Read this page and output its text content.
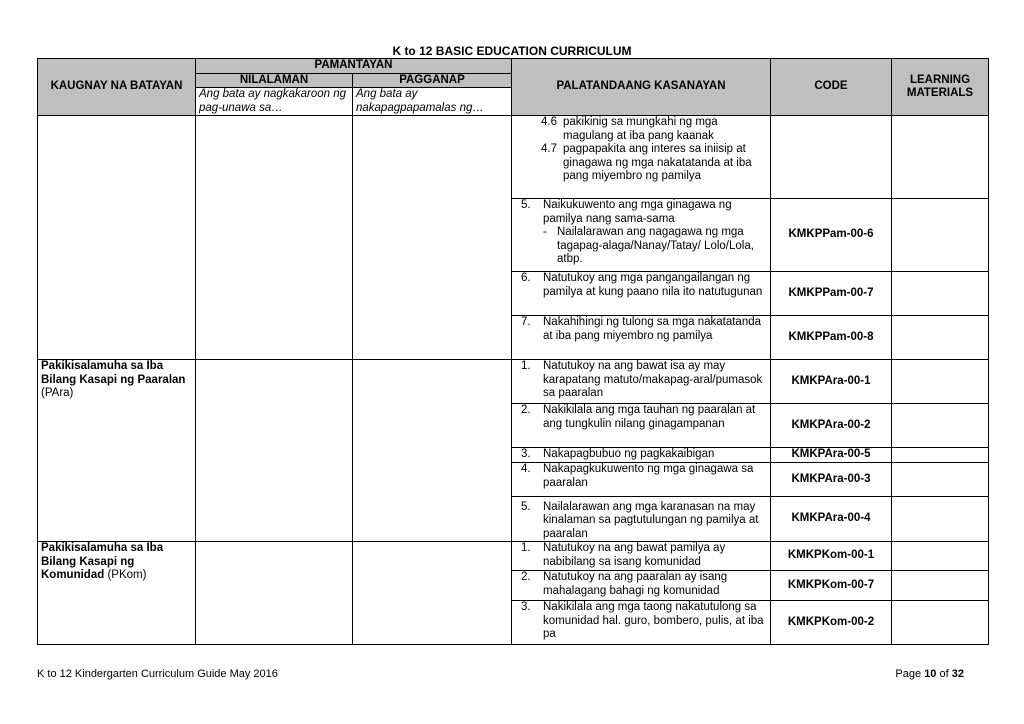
K to 12 BASIC EDUCATION CURRICULUM
KAUGNAY NA BATAYAN	PAMANTAYAN		PALATANDAANG KASANAYAN	CODE	LEARNING MATERIALS
	NILALAMAN	PAGGANAP			
	Ang bata ay nagkakaroon ng pag-unawa sa…	Ang bata ay nakapagpapamalas ng…			

			4.6 pakikinig sa mungkahi ng mga magulang at iba pang kaanak
4.7 pagpapakita ang interes sa iniisip at ginagawa ng mga nakatatanda at iba pang miyembro ng pamilya		

			5. Naikukuwento ang mga ginagawa ng pamilya nang sama-sama
- Nailalarawan ang nagagawa ng mga tagapag-alaga/Nanay/Tatay/ Lolo/Lola, atbp.	KMKPPam-00-6	

			6. Natutukoy ang mga pangangailangan ng pamilya at kung paano nila ito natutugunan	KMKPPam-00-7	

			7. Nakahihingi ng tulong sa mga nakatatanda at iba pang miyembro ng pamilya	KMKPPam-00-8	
Pakikisalamuha sa Iba Bilang Kasapi ng Paaralan (PAra)			1. Natutukoy na ang bawat isa ay may karapatang matuto/makapag-aral/pumasok sa paaralan	KMKPAra-00-1	

			2. Nakikilala ang mga tauhan ng paaralan at ang tungkulin nilang ginagampanan	KMKPAra-00-2	

			3. Nakapagbubuo ng pagkakaibigan	KMKPAra-00-5	

			4. Nakapagkukuwento ng mga ginagawa sa paaralan	KMKPAra-00-3	

			5. Nailalarawan ang mga karanasan na may kinalaman sa pagtutulungan ng pamilya at paaralan	KMKPAra-00-4	
Pakikisalamuha sa Iba Bilang Kasapi ng Komunidad (PKom)			1. Natutukoy na ang bawat pamilya ay nabibilang sa isang komunidad	KMKPKom-00-1	

			2. Natutukoy na ang paaralan ay isang mahalagang bahagi ng komunidad	KMKPKom-00-7	

			3. Nakikilala ang mga taong nakatutulong sa komunidad hal. guro, bombero, pulis, at iba pa	KMKPKom-00-2	
K to 12 Kindergarten Curriculum Guide May 2016	Page 10 of 32
